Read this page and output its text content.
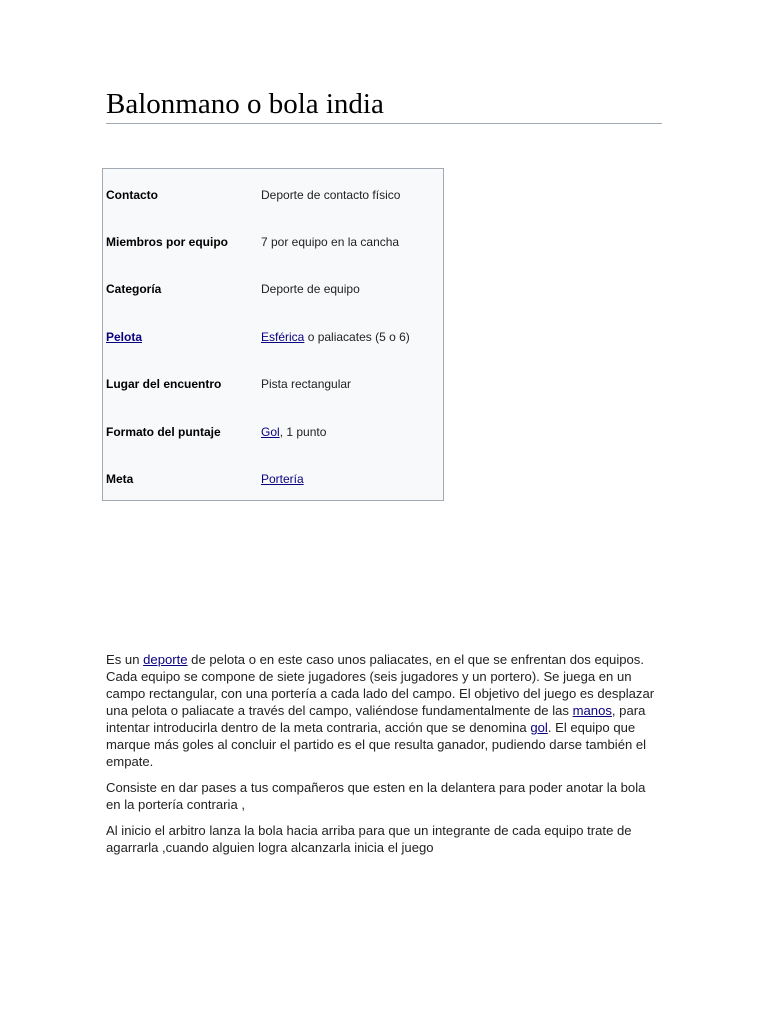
Balonmano o bola india
Contacto	Deporte de contacto físico
Miembros por equipo	7 por equipo en la cancha
Categoría	Deporte de equipo
Pelota	Esférica o paliacates (5 o 6)
Lugar del encuentro	Pista rectangular
Formato del puntaje	Gol, 1 punto
Meta	Portería

Es un deporte de pelota o en este caso unos paliacates, en el que se enfrentan dos equipos. Cada equipo se compone de siete jugadores (seis jugadores y un portero). Se juega en un campo rectangular, con una portería a cada lado del campo. El objetivo del juego es desplazar una pelota o paliacate a través del campo, valiéndose fundamentalmente de las manos, para intentar introducirla dentro de la meta contraria, acción que se denomina gol. El equipo que marque más goles al concluir el partido es el que resulta ganador, pudiendo darse también el empate.

Consiste en dar pases a tus compañeros que esten en la delantera para poder anotar la bola en la portería contraria ,

Al inicio el arbitro lanza la bola hacia arriba para que un integrante de cada equipo trate de agarrarla ,cuando alguien logra alcanzarla inicia el juego
